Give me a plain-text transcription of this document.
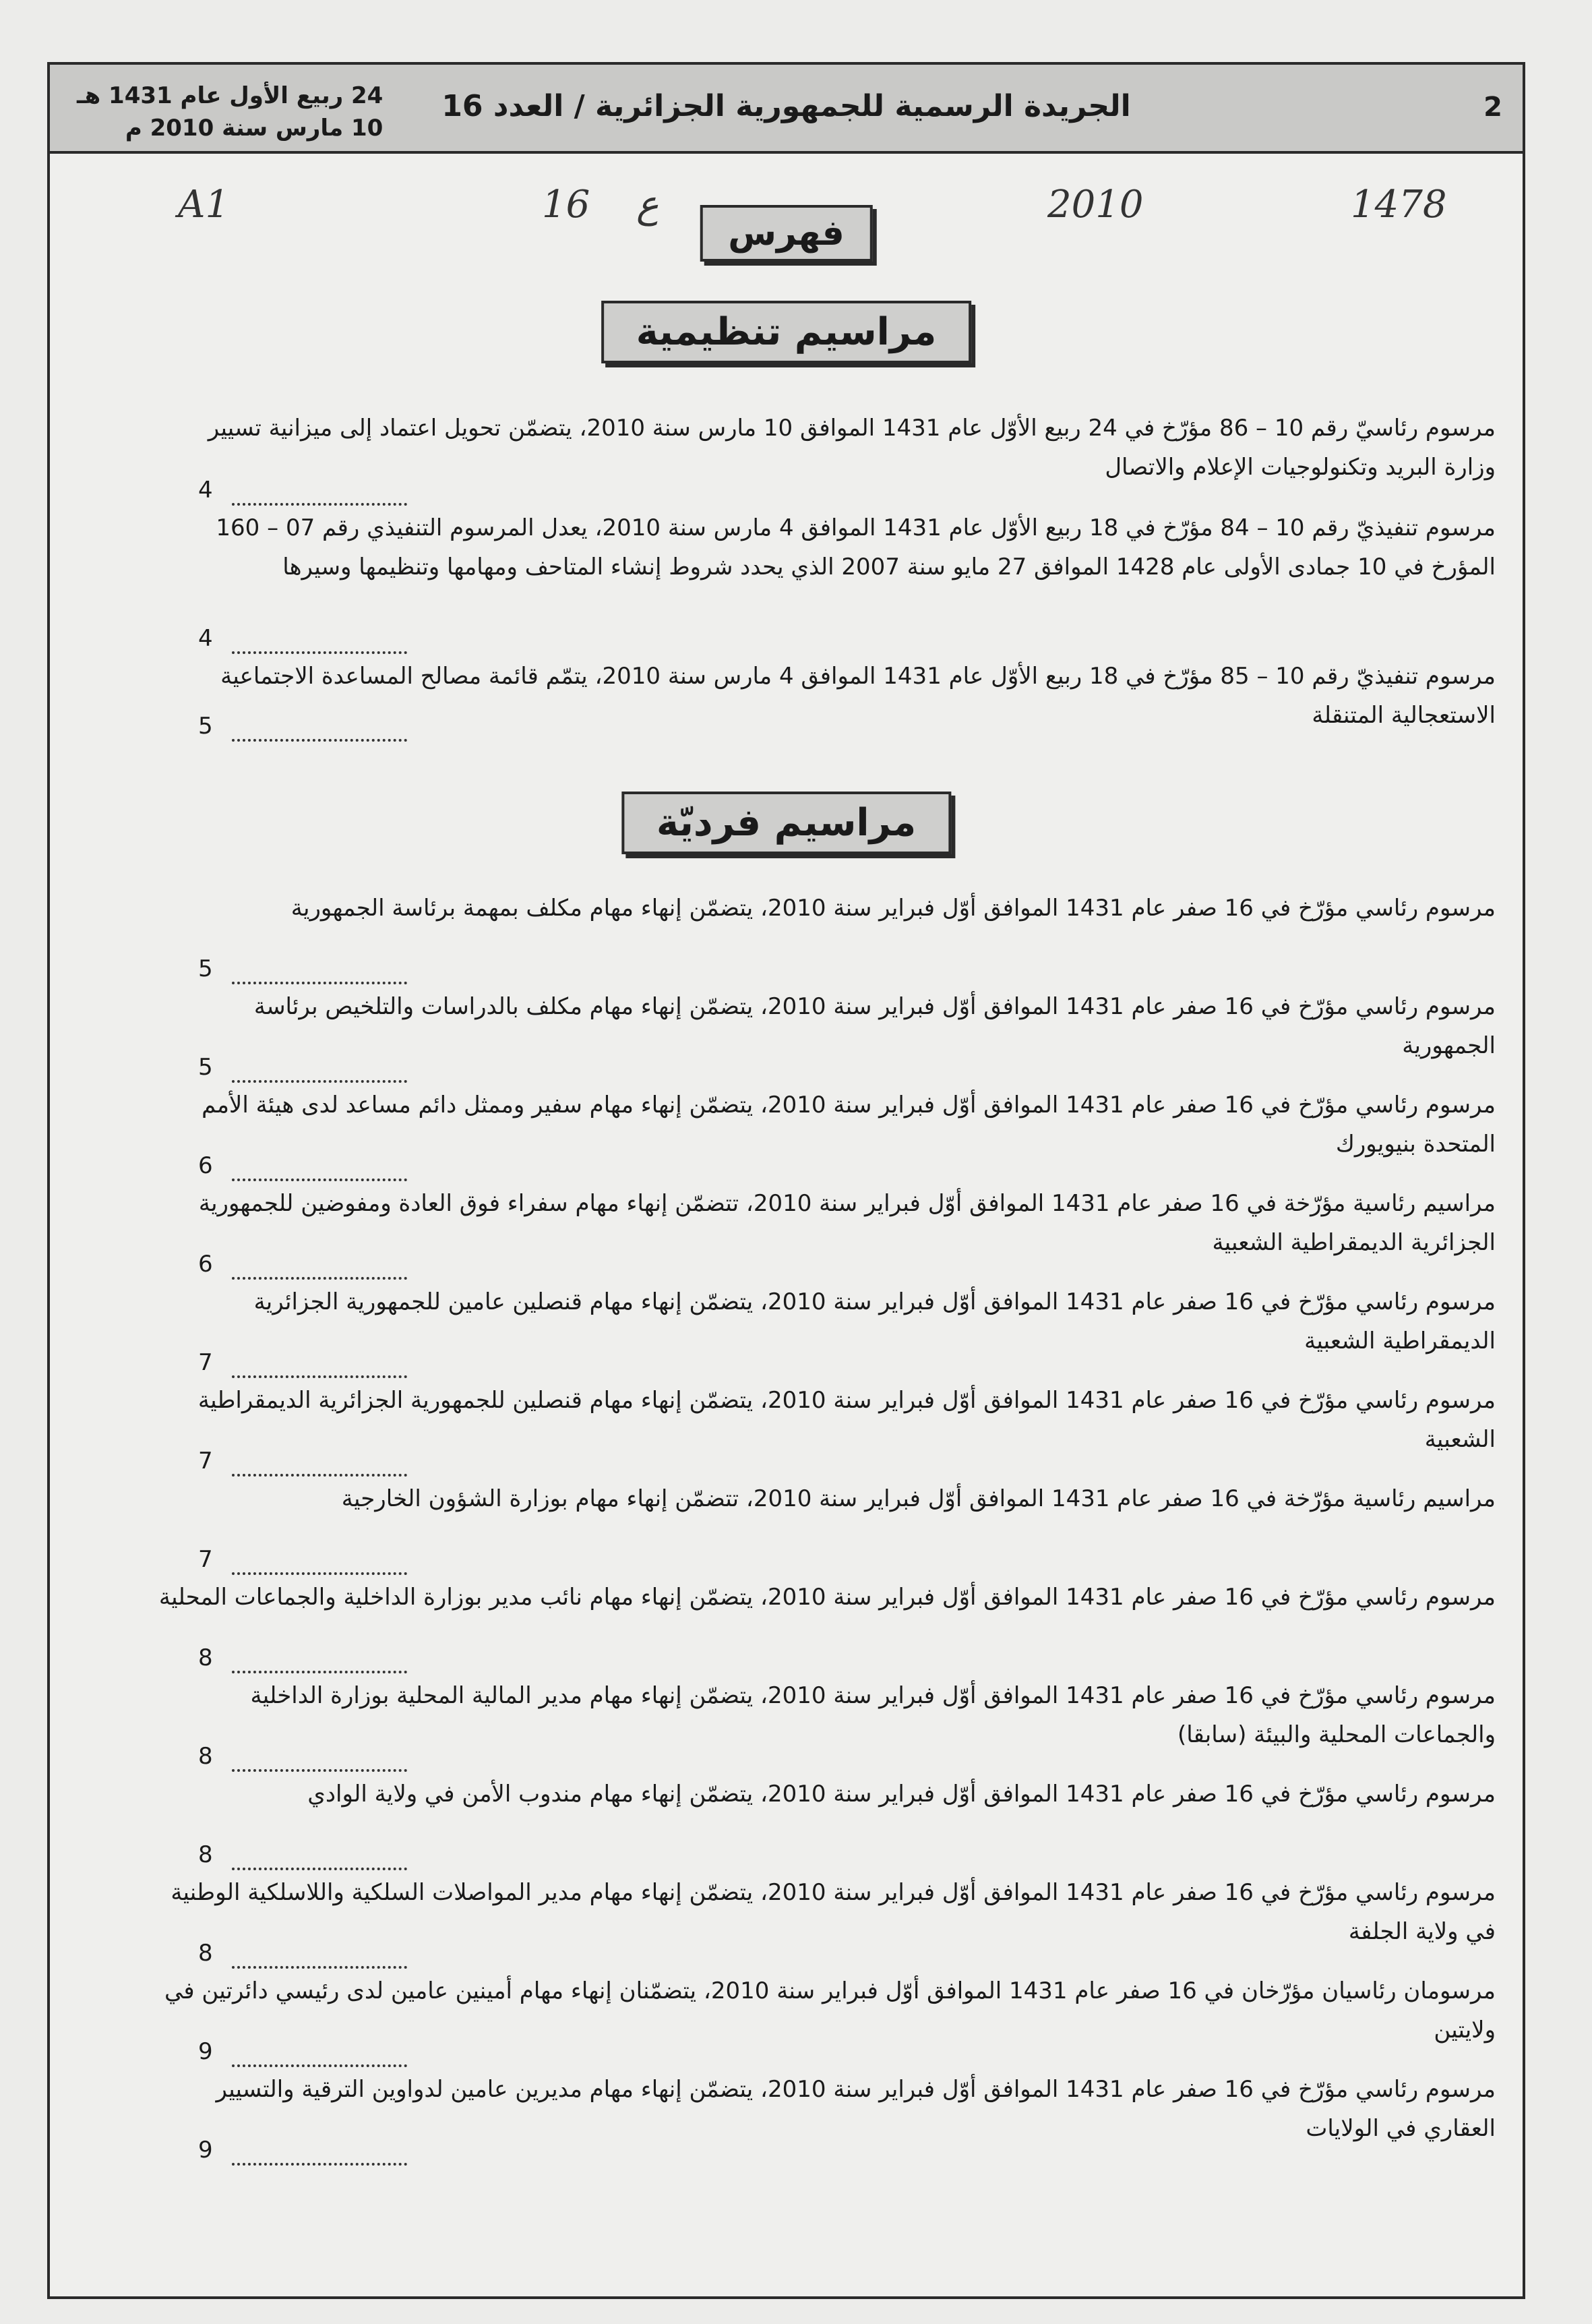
2
الجريدة الرسمية للجمهورية الجزائرية / العدد 16
24 ربيع الأول عام 1431 هـ
10 مارس سنة 2010 م
A1	16 ع	2010	1478
فهرس
مراسيم تنظيمية
مرسوم رئاسيّ رقم 10 – 86 مؤرّخ في 24 ربيع الأوّل عام 1431 الموافق 10 مارس سنة 2010، يتضمّن تحويل اعتماد إلى ميزانية تسيير وزارة البريد وتكنولوجيات الإعلام والاتصال
4
مرسوم تنفيذيّ رقم 10 – 84 مؤرّخ في 18 ربيع الأوّل عام 1431 الموافق 4 مارس سنة 2010، يعدل المرسوم التنفيذي رقم 07 – 160 المؤرخ في 10 جمادى الأولى عام 1428 الموافق 27 مايو سنة 2007 الذي يحدد شروط إنشاء المتاحف ومهامها وتنظيمها وسيرها
4
مرسوم تنفيذيّ رقم 10 – 85 مؤرّخ في 18 ربيع الأوّل عام 1431 الموافق 4 مارس سنة 2010، يتمّم قائمة مصالح المساعدة الاجتماعية الاستعجالية المتنقلة
5
مراسيم فرديّة
مرسوم رئاسي مؤرّخ في 16 صفر عام 1431 الموافق أوّل فبراير سنة 2010، يتضمّن إنهاء مهام مكلف بمهمة برئاسة الجمهورية
5
مرسوم رئاسي مؤرّخ في 16 صفر عام 1431 الموافق أوّل فبراير سنة 2010، يتضمّن إنهاء مهام مكلف بالدراسات والتلخيص برئاسة الجمهورية
5
مرسوم رئاسي مؤرّخ في 16 صفر عام 1431 الموافق أوّل فبراير سنة 2010، يتضمّن إنهاء مهام سفير وممثل دائم مساعد لدى هيئة الأمم المتحدة بنيويورك
6
مراسيم رئاسية مؤرّخة في 16 صفر عام 1431 الموافق أوّل فبراير سنة 2010، تتضمّن إنهاء مهام سفراء فوق العادة ومفوضين للجمهورية الجزائرية الديمقراطية الشعبية
6
مرسوم رئاسي مؤرّخ في 16 صفر عام 1431 الموافق أوّل فبراير سنة 2010، يتضمّن إنهاء مهام قنصلين عامين للجمهورية الجزائرية الديمقراطية الشعبية
7
مرسوم رئاسي مؤرّخ في 16 صفر عام 1431 الموافق أوّل فبراير سنة 2010، يتضمّن إنهاء مهام قنصلين للجمهورية الجزائرية الديمقراطية الشعبية
7
مراسيم رئاسية مؤرّخة في 16 صفر عام 1431 الموافق أوّل فبراير سنة 2010، تتضمّن إنهاء مهام بوزارة الشؤون الخارجية
7
مرسوم رئاسي مؤرّخ في 16 صفر عام 1431 الموافق أوّل فبراير سنة 2010، يتضمّن إنهاء مهام نائب مدير بوزارة الداخلية والجماعات المحلية
8
مرسوم رئاسي مؤرّخ في 16 صفر عام 1431 الموافق أوّل فبراير سنة 2010، يتضمّن إنهاء مهام مدير المالية المحلية بوزارة الداخلية والجماعات المحلية والبيئة (سابقا)
8
مرسوم رئاسي مؤرّخ في 16 صفر عام 1431 الموافق أوّل فبراير سنة 2010، يتضمّن إنهاء مهام مندوب الأمن في ولاية الوادي
8
مرسوم رئاسي مؤرّخ في 16 صفر عام 1431 الموافق أوّل فبراير سنة 2010، يتضمّن إنهاء مهام مدير المواصلات السلكية واللاسلكية الوطنية في ولاية الجلفة
8
مرسومان رئاسيان مؤرّخان في 16 صفر عام 1431 الموافق أوّل فبراير سنة 2010، يتضمّنان إنهاء مهام أمينين عامين لدى رئيسي دائرتين في ولايتين
9
مرسوم رئاسي مؤرّخ في 16 صفر عام 1431 الموافق أوّل فبراير سنة 2010، يتضمّن إنهاء مهام مديرين عامين لدواوين الترقية والتسيير العقاري في الولايات
9
